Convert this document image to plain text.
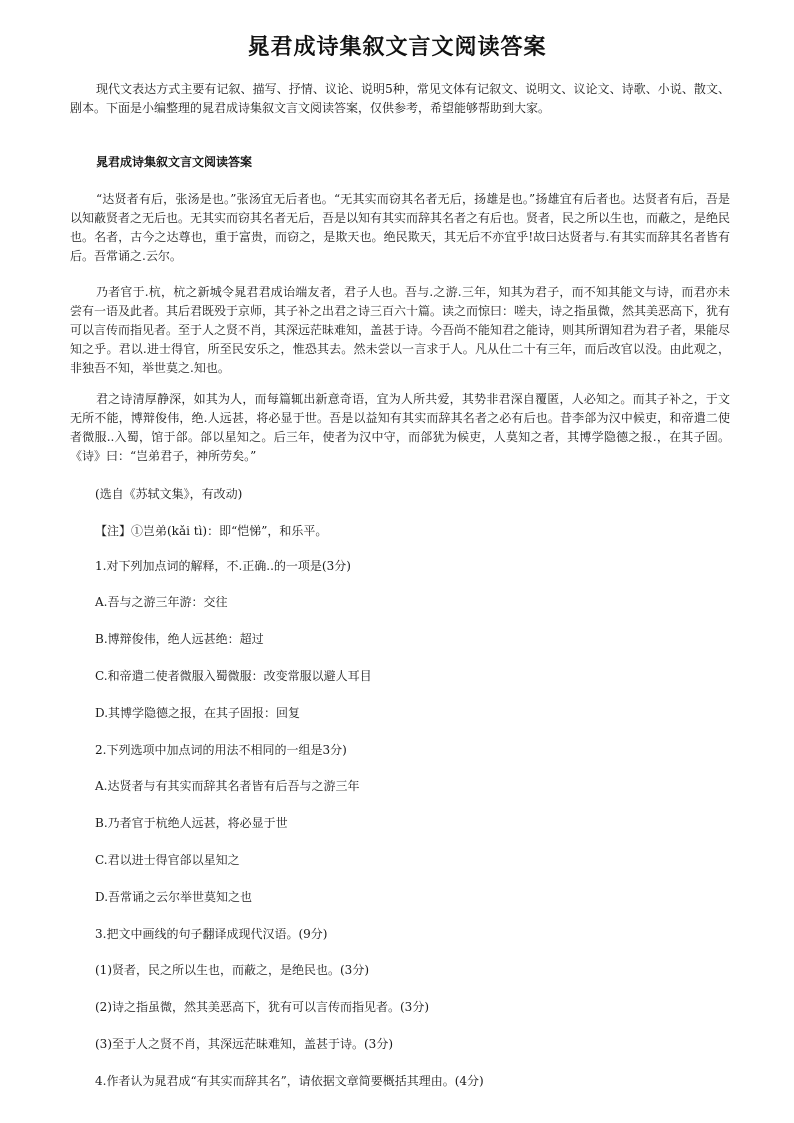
晁君成诗集叙文言文阅读答案

现代文表达方式主要有记叙、描写、抒情、议论、说明5种，常见文体有记叙文、说明文、议论文、诗歌、小说、散文、剧本。下面是小编整理的晁君成诗集叙文言文阅读答案，仅供参考，希望能够帮助到大家。

晁君成诗集叙文言文阅读答案

“达贤者有后，张汤是也。”张汤宜无后者也。“无其实而窃其名者无后，扬雄是也。”扬雄宜有后者也。达贤者有后，吾是以知蔽贤者之无后也。无其实而窃其名者无后，吾是以知有其实而辞其名者之有后也。贤者，民之所以生也，而蔽之，是绝民也。名者，古今之达尊也，重于富贵，而窃之，是欺天也。绝民欺天，其无后不亦宜乎!故曰达贤者与.有其实而辞其名者皆有后。吾常诵之.云尔。

乃者官于.杭，杭之新城令晁君君成诒端友者，君子人也。吾与.之游.三年，知其为君子，而不知其能文与诗，而君亦未尝有一语及此者。其后君既殁于京师，其子补之出君之诗三百六十篇。读之而惊曰：嗟夫，诗之指虽微，然其美恶高下，犹有可以言传而指见者。至于人之贤不肖，其深远茫昧难知，盖甚于诗。今吾尚不能知君之能诗，则其所谓知君为君子者，果能尽知之乎。君以.进士得官，所至民安乐之，惟恐其去。然未尝以一言求于人。凡从仕二十有三年，而后改官以没。由此观之，非独吾不知，举世莫之.知也。

君之诗清厚静深，如其为人，而每篇辄出新意奇语，宜为人所共爱，其势非君深自覆匿，人必知之。而其子补之，于文无所不能，博辩俊伟，绝.人远甚，将必显于世。吾是以益知有其实而辞其名者之必有后也。昔李郃为汉中候吏，和帝遣二使者微服..入蜀，馆于郃。郃以星知之。后三年，使者为汉中守，而郃犹为候吏，人莫知之者，其博学隐德之报.，在其子固。《诗》曰：“岂弟君子，神所劳矣。”

(选自《苏轼文集》，有改动)

【注】①岂弟(kǎi tì)：即“恺悌”，和乐平。

1.对下列加点词的解释，不.正确..的一项是(3分)

A.吾与之游三年游：交往

B.博辩俊伟，绝人远甚绝：超过

C.和帝遣二使者微服入蜀微服：改变常服以避人耳目

D.其博学隐德之报，在其子固报：回复

2.下列选项中加点词的用法不相同的一组是3分)

A.达贤者与有其实而辞其名者皆有后吾与之游三年

B.乃者官于杭绝人远甚，将必显于世

C.君以进士得官郃以星知之

D.吾常诵之云尔举世莫知之也

3.把文中画线的句子翻译成现代汉语。(9分)

(1)贤者，民之所以生也，而蔽之，是绝民也。(3分)

(2)诗之指虽微，然其美恶高下，犹有可以言传而指见者。(3分)

(3)至于人之贤不肖，其深远茫昧难知，盖甚于诗。(3分)

4.作者认为晁君成“有其实而辞其名”，请依据文章简要概括其理由。(4分)
